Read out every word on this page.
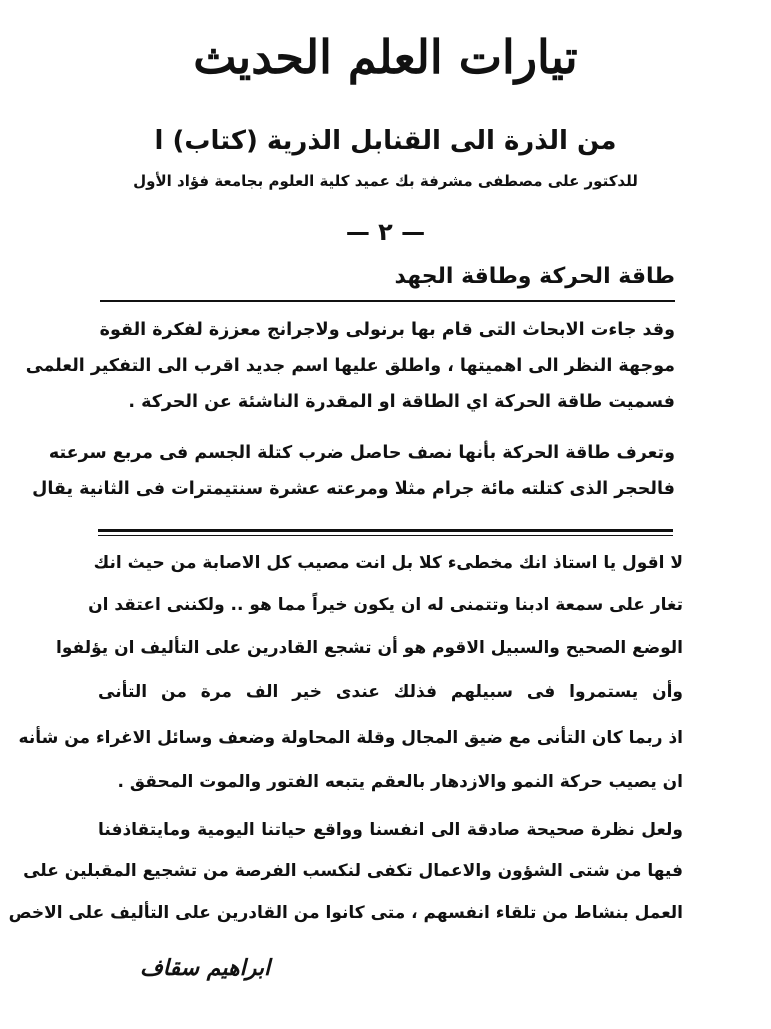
تيارات العلم الحديث
من الذرة الى القنابل الذرية (كتاب) ا
للدكتور على مصطفى مشرفة بك عميد كلية العلوم بجامعة فؤاد الأول
— ٢ —
طاقة الحركة وطاقة الجهد
وقد جاءت الابحاث التى قام بها برنولى ولاجرانج معززة لفكرة القوة
موجهة النظر الى اهميتها ، واطلق عليها اسم جديد اقرب الى التفكير العلمى
فسميت طاقة الحركة اي الطاقة او المقدرة الناشئة عن الحركة .
وتعرف طاقة الحركة بأنها نصف حاصل ضرب كتلة الجسم فى مربع سرعته
فالحجر الذى كتلته مائة جرام مثلا ومرعته عشرة سنتيمترات فى الثانية يقال
لا اقول يا استاذ انك مخطىء كلا بل انت مصيب كل الاصابة من حيث انك
تغار على سمعة ادبنا وتتمنى له ان يكون خيراً مما هو .. ولكننى اعتقد ان
الوضع الصحيح والسبيل الاقوم هو أن تشجع القادرين على التأليف ان يؤلفوا
وأن يستمروا فى سبيلهم فذلك عندى خير الف مرة من التأنى
اذ ربما كان التأنى مع ضيق المجال وقلة المحاولة وضعف وسائل الاغراء من شأنه
ان يصيب حركة النمو والازدهار بالعقم يتبعه الفتور والموت المحقق .
ولعل نظرة صحيحة صادقة الى انفسنا وواقع حياتنا اليومية ومايتقاذفنا
فيها من شتى الشؤون والاعمال تكفى لنكسب الفرصة من تشجيع المقبلين على
العمل بنشاط من تلقاء انفسهم ، متى كانوا من القادرين على التأليف على الاخص
ابراهيم سقاف
